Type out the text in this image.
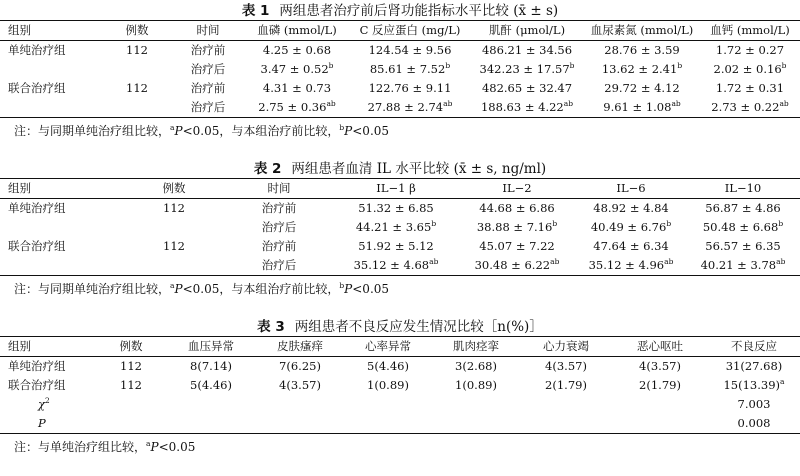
表 1 两组患者治疗前后肾功能指标水平比较 (x̄ ± s)
组别	例数	时间	血磷 (mmol/L)	C 反应蛋白 (mg/L)	肌酐 (μmol/L)	血尿素氮 (mmol/L)	血钙 (mmol/L)
单纯治疗组	112	治疗前	4.25 ± 0.68	124.54 ± 9.56	486.21 ± 34.56	28.76 ± 3.59	1.72 ± 0.27
		治疗后	3.47 ± 0.52$^b$	85.61 ± 7.52$^b$	342.23 ± 17.57$^b$	13.62 ± 2.41$^b$	2.02 ± 0.16$^b$
联合治疗组	112	治疗前	4.31 ± 0.73	122.76 ± 9.11	482.65 ± 32.47	29.72 ± 4.12	1.72 ± 0.31
		治疗后	2.75 ± 0.36$^{ab}$	27.88 ± 2.74$^{ab}$	188.63 ± 4.22$^{ab}$	9.61 ± 1.08$^{ab}$	2.73 ± 0.22$^{ab}$
注：与同期单纯治疗组比较，$^a$P<0.05，与本组治疗前比较，$^b$P<0.05
表 2 两组患者血清 IL 水平比较 (x̄ ± s, ng/ml)
组别	例数	时间	IL−1 β	IL−2	IL−6	IL−10
单纯治疗组	112	治疗前	51.32 ± 6.85	44.68 ± 6.86	48.92 ± 4.84	56.87 ± 4.86
		治疗后	44.21 ± 3.65$^b$	38.88 ± 7.16$^b$	40.49 ± 6.76$^b$	50.48 ± 6.68$^b$
联合治疗组	112	治疗前	51.92 ± 5.12	45.07 ± 7.22	47.64 ± 6.34	56.57 ± 6.35
		治疗后	35.12 ± 4.68$^{ab}$	30.48 ± 6.22$^{ab}$	35.12 ± 4.96$^{ab}$	40.21 ± 3.78$^{ab}$
注：与同期单纯治疗组比较，$^a$P<0.05，与本组治疗前比较，$^b$P<0.05
表 3 两组患者不良反应发生情况比较［n(%)］
组别	例数	血压异常	皮肤瘙痒	心率异常	肌肉痉挛	心力衰竭	恶心呕吐	不良反应
单纯治疗组	112	8(7.14)	7(6.25)	5(4.46)	3(2.68)	4(3.57)	4(3.57)	31(27.68)
联合治疗组	112	5(4.46)	4(3.57)	1(0.89)	1(0.89)	2(1.79)	2(1.79)	$15(13.39)^a$
$\chi^2$								7.003
P								0.008
注：与单纯治疗组比较，$^a$P<0.05
